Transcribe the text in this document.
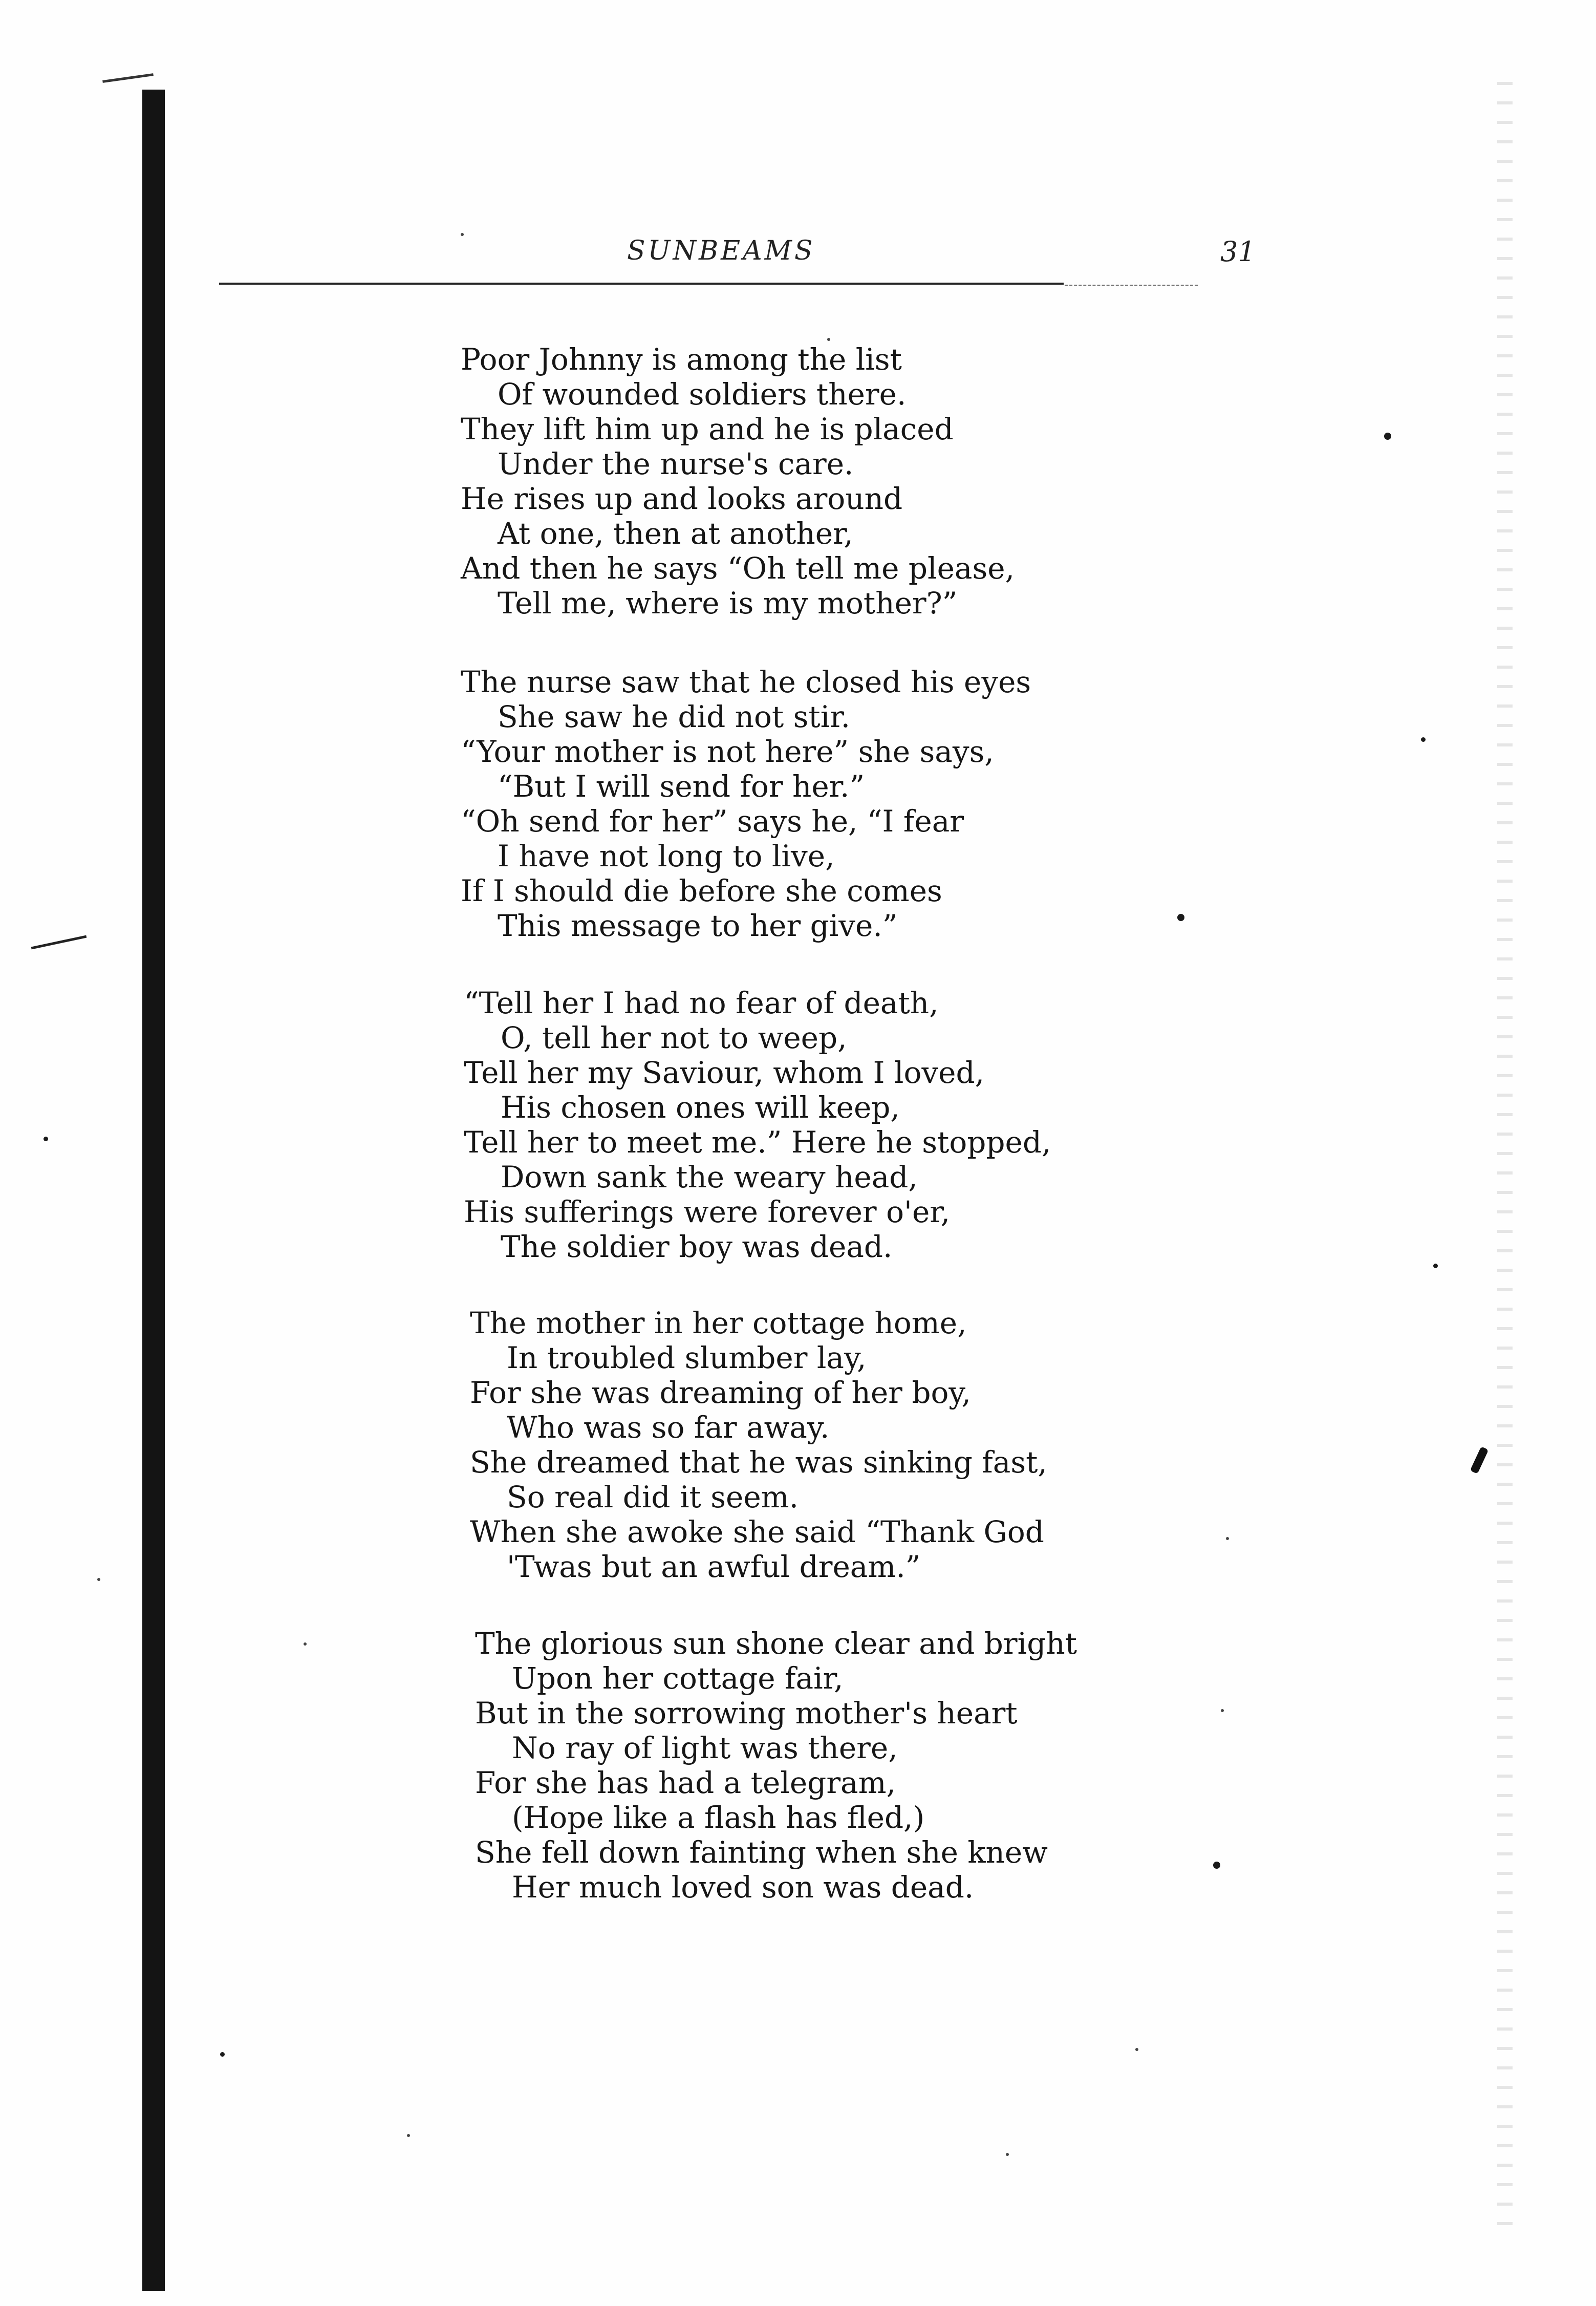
SUNBEAMS	31
Poor Johnny is among the list
Of wounded soldiers there.
They lift him up and he is placed
Under the nurse's care.
He rises up and looks around
At one, then at another,
And then he says “Oh tell me please,
Tell me, where is my mother?”
The nurse saw that he closed his eyes
She saw he did not stir.
“Your mother is not here” she says,
“But I will send for her.”
“Oh send for her” says he, “I fear
I have not long to live,
If I should die before she comes
This message to her give.”
“Tell her I had no fear of death,
O, tell her not to weep,
Tell her my Saviour, whom I loved,
His chosen ones will keep,
Tell her to meet me.” Here he stopped,
Down sank the weary head,
His sufferings were forever o'er,
The soldier boy was dead.
The mother in her cottage home,
In troubled slumber lay,
For she was dreaming of her boy,
Who was so far away.
She dreamed that he was sinking fast,
So real did it seem.
When she awoke she said “Thank God
'Twas but an awful dream.”
The glorious sun shone clear and bright
Upon her cottage fair,
But in the sorrowing mother's heart
No ray of light was there,
For she has had a telegram,
(Hope like a flash has fled,)
She fell down fainting when she knew
Her much loved son was dead.
